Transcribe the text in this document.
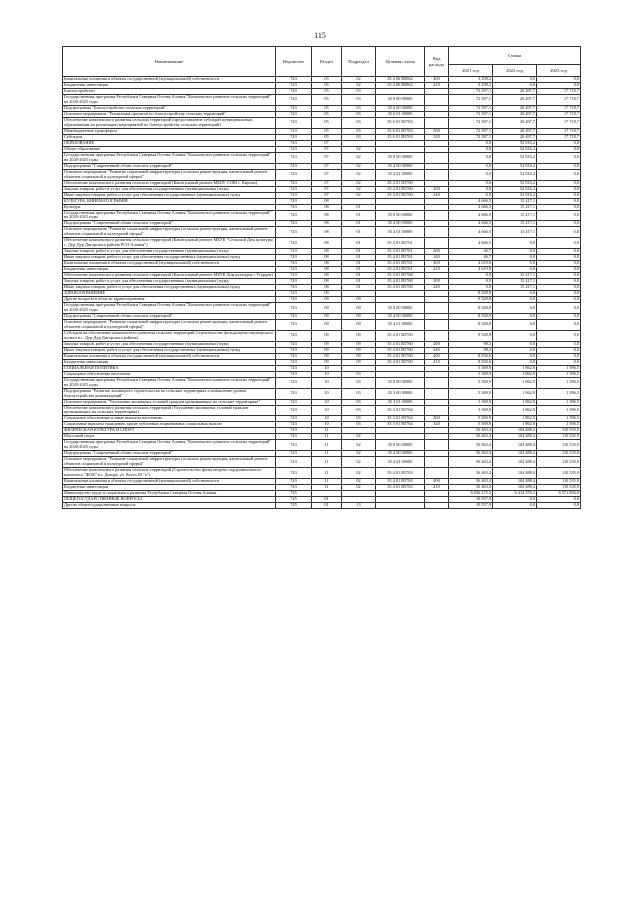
115
Наименование	Ведомство	Раздел	Подраздел	Целевая статья	Вид расхода	Сумма		
						2021 год	2022 год	2023 год
Капитальные вложения в объекты государственной (муниципальной) собственности	743	05	02	35 4 06 R0862	400	3 298,2	0,0	0,0
Бюджетные инвестиции	743	05	02	35 4 06 R0862	410	3 298,2	0,0	0,0
Благоустройство	743	05	03			72 397,1	20 497,7	17 718,7
Государственная программа Республики Северная Осетия-Алания "Комплексное развитие сельских территорий" на 2020-2025 годы	743	05	03	35 0 00 00000		72 397,1	20 497,7	17 718,7
Подпрограмма "Благоустройство сельских территорий"	743	05	03	35 6 00 00000		72 397,1	20 497,7	17 718,7
Основное мероприятие "Реализация проектов по благоустройству сельских территорий"	743	05	03	35 6 01 00000		72 397,1	20 497,7	17 718,7
Обеспечение комплексного развития сельских территорий (предоставление субсидий муниципальным образованиям на реализацию мероприятий по благоустройству сельских территорий)	743	05	03	35 6 01 R5763		72 397,1	20 497,7	17 718,7
Межбюджетные трансферты	743	05	03	35 6 01 R5763	500	72 397,1	20 497,7	17 718,7
Субсидии	743	05	03	35 6 01 R5763	520	72 397,1	20 497,7	17 718,7
ОБРАЗОВАНИЕ	743	07				0,0	52 816,2	0,0
Общее образование	743	07	02			0,0	52 816,2	0,0
Государственная программа Республики Северная Осетия-Алания "Комплексное развитие сельских территорий" на 2020-2025 годы	743	07	02	35 0 00 00000		0,0	52 816,2	0,0
Подпрограмма "Современный облик сельских территорий"	743	07	02	35 4 00 00000		0,0	52 816,2	0,0
Основное мероприятие "Развитие социальной инфраструктуры (сельских реконструкция, капитальный ремонт объектов социальной и культурной сферы)"	743	07	02	35 4 01 00000		0,0	52 816,2	0,0
Обеспечение комплексного развития сельских территорий (Капитальный ремонт МБОУ СОШ с. Кирово)	743	07	02	35 4 01 R5760		0,0	52 816,2	0,0
Закупка товаров, работ и услуг для обеспечения государственных (муниципальных) нужд	743	07	02	35 4 01 R5760	200	0,0	52 816,2	0,0
Иные закупки товаров, работ и услуг для обеспечения государственных (муниципальных) нужд	743	07	02	35 4 01 R5760	240	0,0	52 816,2	0,0
КУЛЬТУРА, КИНЕМАТОГРАФИЯ	743	08				4 666,5	15 417,1	0,0
Культура	743	08	01			4 666,5	15 417,1	0,0
Государственная программа Республики Северная Осетия-Алания "Комплексное развитие сельских территорий" на 2020-2025 годы	743	08	01	35 0 00 00000		4 666,5	15 417,1	0,0
Подпрограмма "Современный облик сельских территорий"	743	08	01	35 4 00 00000		4 666,5	15 417,1	0,0
Основное мероприятие "Развитие социальной инфраструктуры (сельских реконструкция, капитальный ремонт объектов социальной и культурной сферы)"	743	08	01	35 4 01 00000		4 666,5	15 417,1	0,0
Обеспечение комплексного развития сельских территорий (Капитальный ремонт МБУК "Сельский Дом культуры с. Дур-Дур Дигорского района РСО-Алания")	743	08	01	35 4 01 R5761		4 666,5	0,0	0,0
Закупка товаров, работ и услуг для обеспечения государственных (муниципальных) нужд	743	08	01	35 4 01 R5761	200	46,7	0,0	0,0
Иные закупки товаров, работ и услуг для обеспечения государственных (муниципальных) нужд	743	08	01	35 4 01 R5761	240	46,7	0,0	0,0
Капитальные вложения в объекты государственной (муниципальной) собственности	743	08	01	35 4 01 R5761	400	4 619,8	0,0	0,0
Бюджетные инвестиции	743	08	01	35 4 01 R5761	410	4 619,8	0,0	0,0
Обеспечение комплексного развития сельских территорий (Капитальный ремонт МБУК Дом культуры с.Угардон)	743	08	01	35 4 01 R5768		0,0	15 417,1	0,0
Закупка товаров, работ и услуг для обеспечения государственных (муниципальных) нужд	743	08	01	35 4 01 R5768	200	0,0	15 417,1	0,0
Иные закупки товаров, работ и услуг для обеспечения государственных (муниципальных) нужд	743	08	01	35 4 01 R5768	240	0,0	15 417,1	0,0
ЗДРАВООХРАНЕНИЕ	743	09				8 928,8	0,0	0,0
Другие вопросы в области здравоохранения	743	09	09			8 928,8	0,0	0,0
Государственная программа Республики Северная Осетия-Алания "Комплексное развитие сельских территорий" на 2020-2025 годы	743	09	09	35 0 00 00000		8 928,8	0,0	0,0
Подпрограмма "Современный облик сельских территорий"	743	09	09	35 4 00 00000		8 928,8	0,0	0,0
Основное мероприятие "Развитие социальной инфраструктуры (сельских реконструкция, капитальный ремонт объектов социальной и культурной сферы)"	743	09	09	35 4 01 00000		8 928,8	0,0	0,0
Субсидии на обеспечение комплексного развития сельских территорий (строительство фельдшерско-акушерского пункта в с. Дур-Дур Дигорского района)	743	09	09	35 4 01 R5760		8 928,8	0,0	0,0
Закупка товаров, работ и услуг для обеспечения государственных (муниципальных) нужд	743	09	09	35 4 01 R5760	200	98,2	0,0	0,0
Иные закупки товаров, работ и услуг для обеспечения государственных (муниципальных) нужд	743	09	09	35 4 01 R5760	240	98,2	0,0	0,0
Капитальные вложения в объекты государственной (муниципальной) собственности	743	09	09	35 4 01 R5760	400	8 830,6	0,0	0,0
Бюджетные инвестиции	743	09	09	35 4 01 R5760	410	8 830,6	0,0	0,0
СОЦИАЛЬНАЯ ПОЛИТИКА	743	10				5 369,9	1 862,9	1 396,5
Социальное обеспечение населения	743	10	03			5 369,9	1 862,9	1 396,5
Государственная программа Республики Северная Осетия-Алания "Комплексное развитие сельских территорий" на 2020-2025 годы	743	10	03	35 0 00 00000		5 369,9	1 862,9	1 396,5
Подпрограмма "Развитие жилищного строительства на сельских территориях и повышение уровня благоустройства домовладений"	743	10	03	35 3 00 00000		5 369,9	1 862,9	1 396,5
Основное мероприятие "Улучшение жилищных условий граждан проживающих на сельских территориях"	743	10	03	35 3 01 00000		5 369,9	1 862,9	1 396,5
Обеспечение комплексного развития сельских территорий (Улучшение жилищных условий граждан проживающих на сельских территориях)	743	10	03	35 3 01 R5764		5 369,9	1 862,9	1 396,5
Социальное обеспечение и иные выплаты населению	743	10	03	35 3 01 R5764	300	5 369,9	1 862,9	1 396,5
Социальные выплаты гражданам, кроме публичных нормативных социальных выплат	743	10	03	35 3 01 R5764	320	5 369,9	1 862,9	1 396,5
ФИЗИЧЕСКАЯ КУЛЬТУРА И СПОРТ	743	11				56 463,4	104 488,4	110 535,9
Массовый спорт	743	11	02			56 463,4	104 488,4	110 535,9
Государственная программа Республики Северная Осетия-Алания "Комплексное развитие сельских территорий" на 2020-2025 годы	743	11	02	35 0 00 00000		56 463,4	104 488,4	110 535,9
Подпрограмма "Современный облик сельских территорий"	743	11	02	35 4 00 00000		56 463,4	104 488,4	110 535,9
Основное мероприятие "Развитие социальной инфраструктуры (сельских реконструкция, капитальный ремонт объектов социальной и культурной сферы)"	743	11	02	35 4 01 00000		56 463,4	104 488,4	110 535,9
Обеспечение комплексного развития сельских территорий (Строительство физкультурно-оздоровительного комплекса "ФОК" в г. Дигора, ул. Коста 83 "а")	743	11	02	35 4 01 R5763		56 463,4	104 488,4	110 535,9
Капитальные вложения в объекты государственной (муниципальной) собственности	743	11	02	35 4 01 R5763	400	56 463,4	104 488,4	110 535,9
Бюджетные инвестиции	743	11	02	35 4 01 R5763	410	56 463,4	104 488,4	110 535,9
Министерство труда и социального развития Республики Северная Осетия-Алания	745					6 656 275,5	6 414 376,3	6 571 856,0
ОБЩЕГОСУДАРСТВЕННЫЕ ВОПРОСЫ	745	01				10 557,9	0,0	0,0
Другие общегосударственные вопросы	745	01	13			10 557,9	0,0	0,0
